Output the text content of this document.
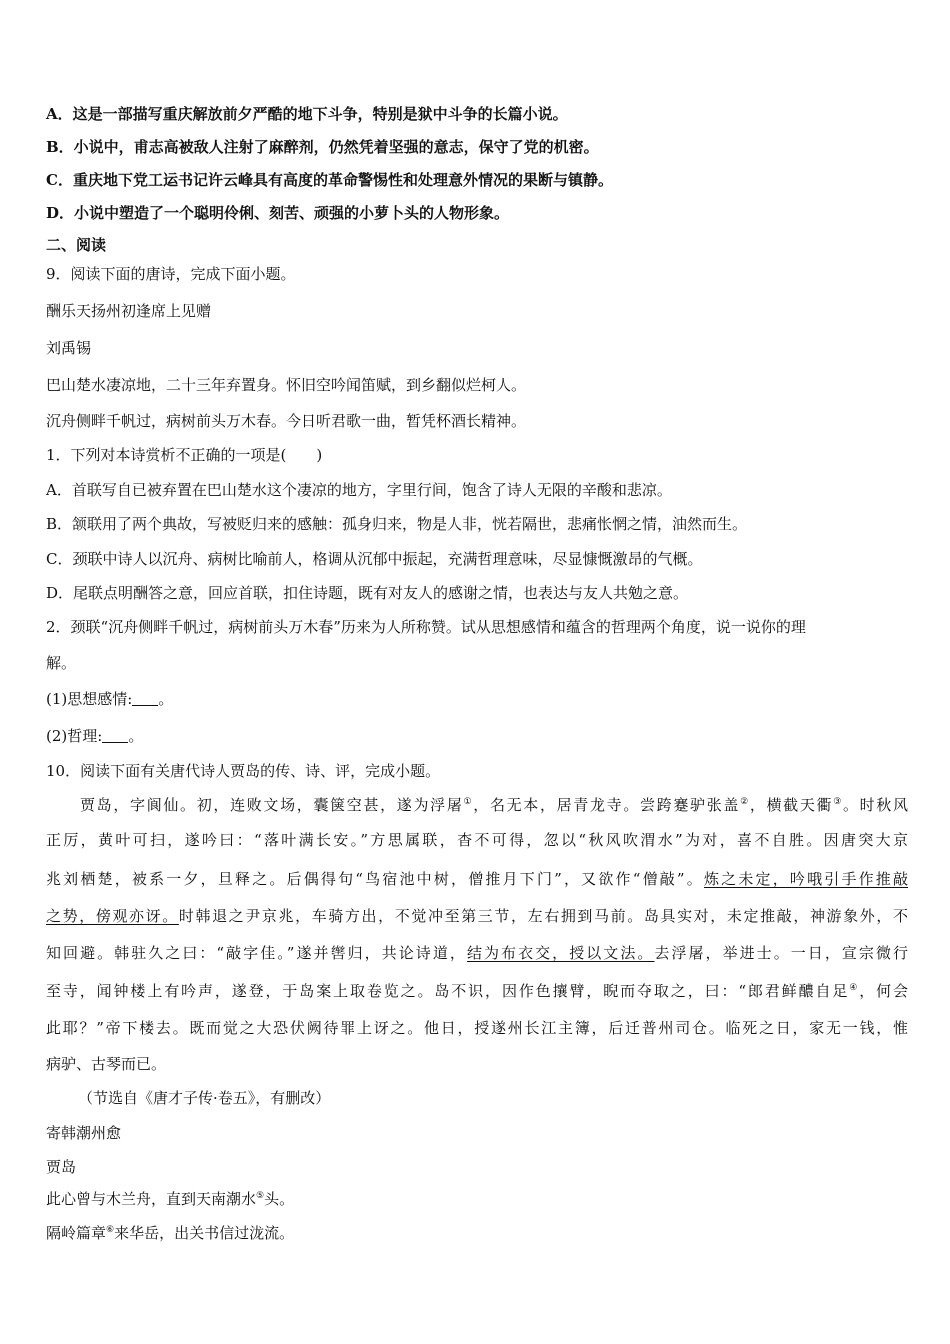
A．这是一部描写重庆解放前夕严酷的地下斗争，特别是狱中斗争的长篇小说。
B．小说中，甫志高被敌人注射了麻醉剂，仍然凭着坚强的意志，保守了党的机密。
C．重庆地下党工运书记许云峰具有高度的革命警惕性和处理意外情况的果断与镇静。
D．小说中塑造了一个聪明伶俐、刻苦、顽强的小萝卜头的人物形象。
二、阅读
9．阅读下面的唐诗，完成下面小题。
酬乐天扬州初逢席上见赠
刘禹锡
巴山楚水凄凉地，二十三年弃置身。怀旧空吟闻笛赋，到乡翻似烂柯人。
沉舟侧畔千帆过，病树前头万木春。今日听君歌一曲，暂凭杯酒长精神。
1．下列对本诗赏析不正确的一项是(　　)
A．首联写自已被弃置在巴山楚水这个凄凉的地方，字里行间，饱含了诗人无限的辛酸和悲凉。
B．颔联用了两个典故，写被贬归来的感触：孤身归来，物是人非，恍若隔世，悲痛怅惘之情，油然而生。
C．颈联中诗人以沉舟、病树比喻前人，格调从沉郁中振起，充满哲理意味，尽显慷慨激昂的气概。
D．尾联点明酬答之意，回应首联，扣住诗题，既有对友人的感谢之情，也表达与友人共勉之意。
2．颈联“沉舟侧畔千帆过，病树前头万木春”历来为人所称赞。试从思想感情和蕴含的哲理两个角度，说一说你的理
解。
(1)思想感情: 。
(2)哲理: 。
10．阅读下面有关唐代诗人贾岛的传、诗、评，完成小题。
贾岛，字阆仙。初，连败文场，囊箧空甚，遂为浮屠①，名无本，居青龙寺。尝跨蹇驴张盖②，横截天衢③。时秋风
正厉，黄叶可扫，遂吟曰：“落叶满长安。”方思属联，杳不可得，忽以“秋风吹渭水”为对，喜不自胜。因唐突大京
兆刘栖楚，被系一夕，旦释之。后偶得句“鸟宿池中树，僧推月下门”，又欲作“僧敲”。炼之未定，吟哦引手作推敲
之势，傍观亦讶。时韩退之尹京兆，车骑方出，不觉冲至第三节，左右拥到马前。岛具实对，未定推敲，神游象外，不
知回避。韩驻久之曰：“敲字佳。”遂并辔归，共论诗道，结为布衣交，授以文法。去浮屠，举进士。一日，宣宗微行
至寺，闻钟楼上有吟声，遂登，于岛案上取卷览之。岛不识，因作色攘臂，睨而夺取之，曰：“郎君鲜醲自足④，何会
此耶？”帝下楼去。既而觉之大恐伏阙待罪上讶之。他日，授遂州长江主簿，后迁普州司仓。临死之日，家无一钱，惟
病驴、古琴而已。
（节选自《唐才子传·卷五》，有删改）
寄韩潮州愈
贾岛
此心曾与木兰舟，直到天南潮水⑤头。
隔岭篇章⑥来华岳，出关书信过泷流。
